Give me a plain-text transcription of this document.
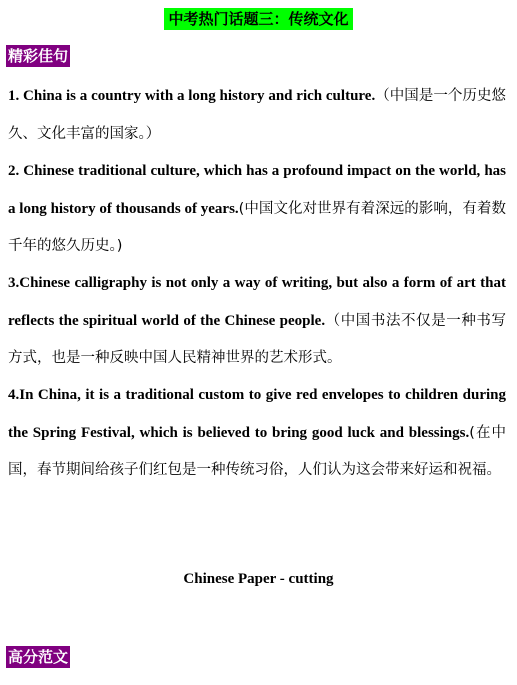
中考热门话题三：传统文化
精彩佳句
1. China is a country with a long history and rich culture.（中国是一个历史悠久、文化丰富的国家。）
2. Chinese traditional culture, which has a profound impact on the world, has a long history of thousands of years.(中国文化对世界有着深远的影响，有着数千年的悠久历史。)
3.Chinese calligraphy is not only a way of writing, but also a form of art that reflects the spiritual world of the Chinese people.（中国书法不仅是一种书写方式，也是一种反映中国人民精神世界的艺术形式。
4.In China, it is a traditional custom to give red envelopes to children during the Spring Festival, which is believed to bring good luck and blessings.(在中国，春节期间给孩子们红包是一种传统习俗，人们认为这会带来好运和祝福。
Chinese Paper - cutting
高分范文
